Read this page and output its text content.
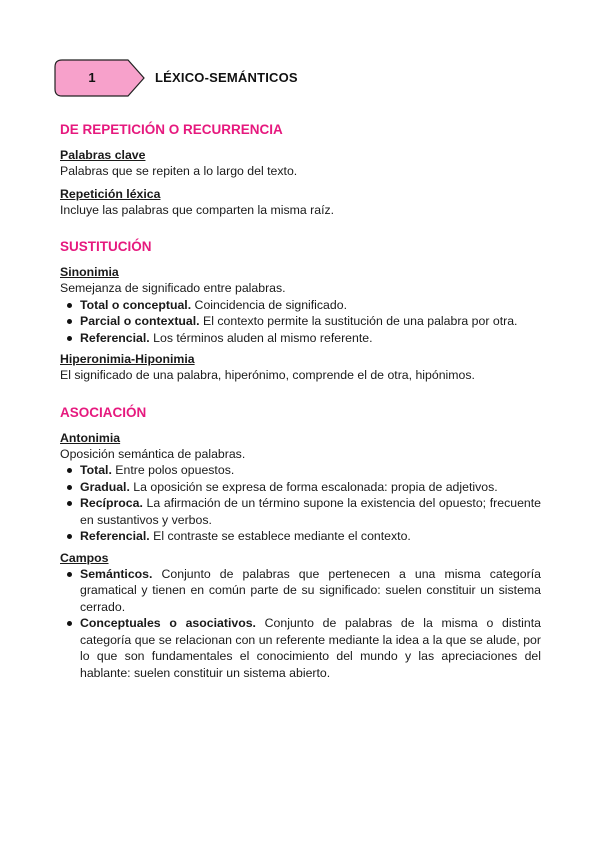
1	LÉXICO-SEMÁNTICOS
DE REPETICIÓN O RECURRENCIA
Palabras clave
Palabras que se repiten a lo largo del texto.
Repetición léxica
Incluye las palabras que comparten la misma raíz.
SUSTITUCIÓN
Sinonimia
Semejanza de significado entre palabras.
Total o conceptual. Coincidencia de significado.
Parcial o contextual. El contexto permite la sustitución de una palabra por otra.
Referencial. Los términos aluden al mismo referente.
Hiperonimia-Hiponimia
El significado de una palabra, hiperónimo, comprende el de otra, hipónimos.
ASOCIACIÓN
Antonimia
Oposición semántica de palabras.
Total. Entre polos opuestos.
Gradual. La oposición se expresa de forma escalonada: propia de adjetivos.
Recíproca. La afirmación de un término supone la existencia del opuesto; frecuente en sustantivos y verbos.
Referencial. El contraste se establece mediante el contexto.
Campos
Semánticos. Conjunto de palabras que pertenecen a una misma categoría gramatical y tienen en común parte de su significado: suelen constituir un sistema cerrado.
Conceptuales o asociativos. Conjunto de palabras de la misma o distinta categoría que se relacionan con un referente mediante la idea a la que se alude, por lo que son fundamentales el conocimiento del mundo y las apreciaciones del hablante: suelen constituir un sistema abierto.
